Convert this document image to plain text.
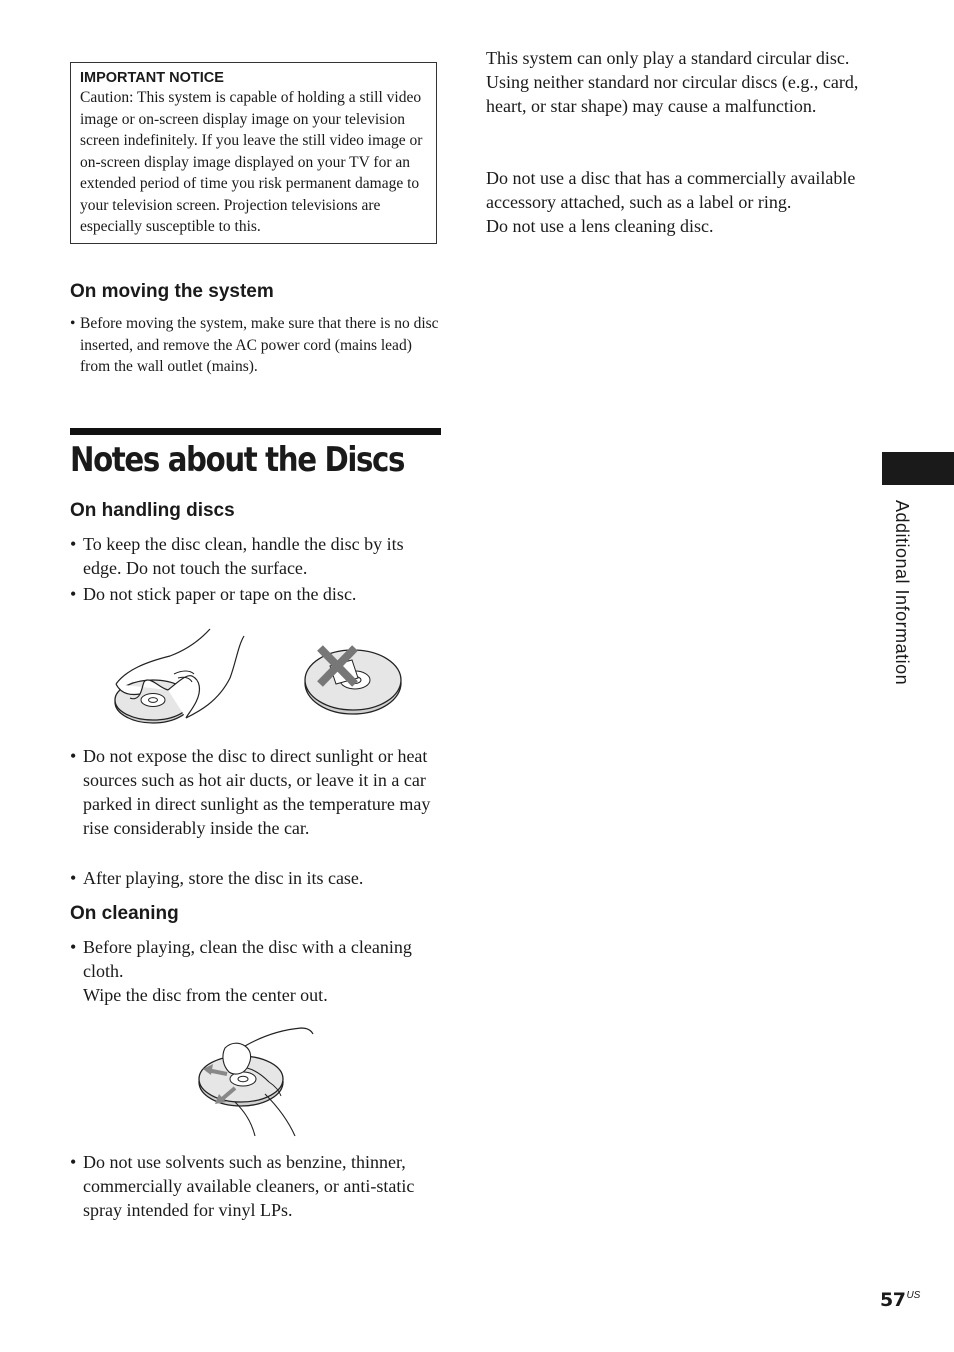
IMPORTANT NOTICE
Caution: This system is capable of holding a still video image or on-screen display image on your television screen indefinitely. If you leave the still video image or on-screen display image displayed on your TV for an extended period of time you risk permanent damage to your television screen. Projection televisions are especially susceptible to this.
On moving the system
• Before moving the system, make sure that there is no disc inserted, and remove the AC power cord (mains lead) from the wall outlet (mains).
Notes about the Discs
On handling discs
• To keep the disc clean, handle the disc by its edge. Do not touch the surface.
• Do not stick paper or tape on the disc.
• Do not expose the disc to direct sunlight or heat sources such as hot air ducts, or leave it in a car parked in direct sunlight as the temperature may rise considerably inside the car.
• After playing, store the disc in its case.
On cleaning
• Before playing, clean the disc with a cleaning cloth.
Wipe the disc from the center out.
• Do not use solvents such as benzine, thinner, commercially available cleaners, or anti-static spray intended for vinyl LPs.
This system can only play a standard circular disc. Using neither standard nor circular discs (e.g., card, heart, or star shape) may cause a malfunction.
Do not use a disc that has a commercially available accessory attached, such as a label or ring.
Do not use a lens cleaning disc.
Additional Information
$57^{US}$
